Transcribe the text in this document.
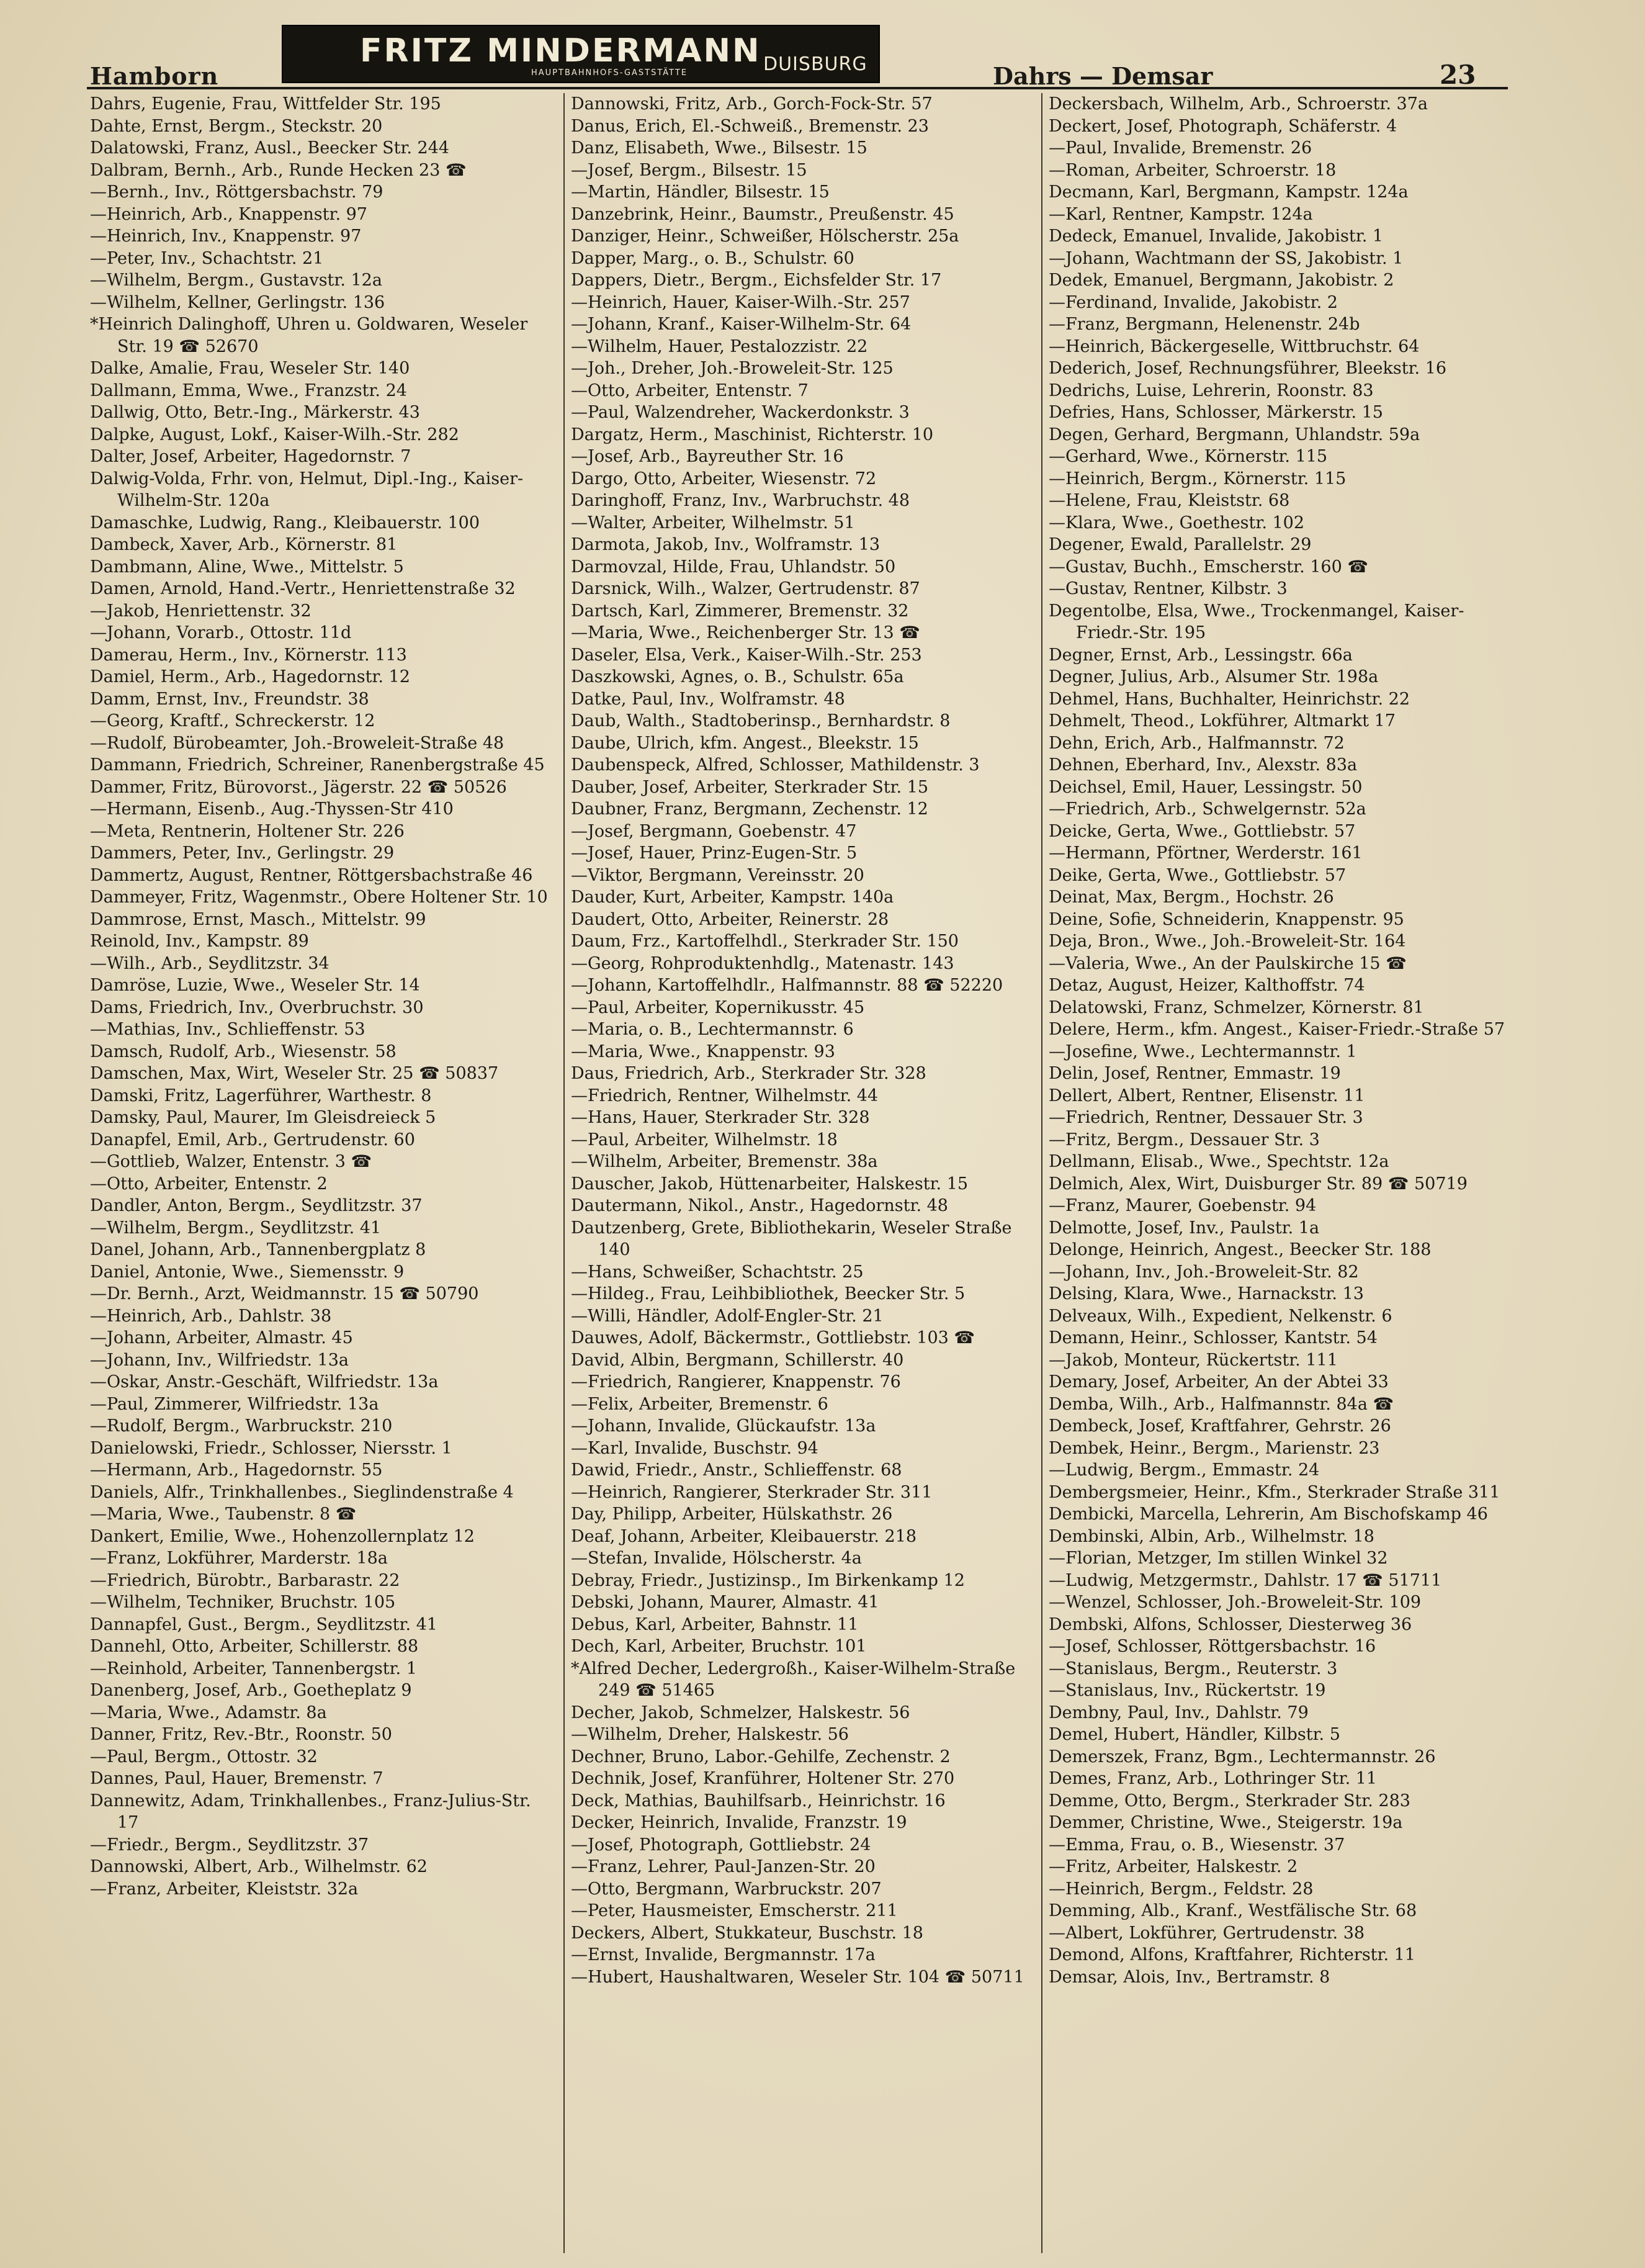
Hamborn
FRITZ MINDERMANN
HAUPTBAHNHOFS-GASTSTÄTTE	DUISBURG	Dahrs — Demsar	23

Dahrs, Eugenie, Frau, Wittfelder Str. 195

Dahte, Ernst, Bergm., Steckstr. 20

Dalatowski, Franz, Ausl., Beecker Str. 244

Dalbram, Bernh., Arb., Runde Hecken 23 ☎

—Bernh., Inv., Röttgersbachstr. 79

—Heinrich, Arb., Knappenstr. 97

—Heinrich, Inv., Knappenstr. 97

—Peter, Inv., Schachtstr. 21

—Wilhelm, Bergm., Gustavstr. 12a

—Wilhelm, Kellner, Gerlingstr. 136

*Heinrich Dalinghoff, Uhren u. Goldwaren, Weseler Str. 19 ☎ 52670

Dalke, Amalie, Frau, Weseler Str. 140

Dallmann, Emma, Wwe., Franzstr. 24

Dallwig, Otto, Betr.-Ing., Märkerstr. 43

Dalpke, August, Lokf., Kaiser-Wilh.-Str. 282

Dalter, Josef, Arbeiter, Hagedornstr. 7

Dalwig-Volda, Frhr. von, Helmut, Dipl.-Ing., Kaiser-Wilhelm-Str. 120a

Damaschke, Ludwig, Rang., Kleibauerstr. 100

Dambeck, Xaver, Arb., Körnerstr. 81

Dambmann, Aline, Wwe., Mittelstr. 5

Damen, Arnold, Hand.-Vertr., Henriettenstraße 32

—Jakob, Henriettenstr. 32

—Johann, Vorarb., Ottostr. 11d

Damerau, Herm., Inv., Körnerstr. 113

Damiel, Herm., Arb., Hagedornstr. 12

Damm, Ernst, Inv., Freundstr. 38

—Georg, Kraftf., Schreckerstr. 12

—Rudolf, Bürobeamter, Joh.-Broweleit-Straße 48

Dammann, Friedrich, Schreiner, Ranenbergstraße 45

Dammer, Fritz, Bürovorst., Jägerstr. 22 ☎ 50526

—Hermann, Eisenb., Aug.-Thyssen-Str 410

—Meta, Rentnerin, Holtener Str. 226

Dammers, Peter, Inv., Gerlingstr. 29

Dammertz, August, Rentner, Röttgersbachstraße 46

Dammeyer, Fritz, Wagenmstr., Obere Holtener Str. 10

Dammrose, Ernst, Masch., Mittelstr. 99

Reinold, Inv., Kampstr. 89

—Wilh., Arb., Seydlitzstr. 34

Damröse, Luzie, Wwe., Weseler Str. 14

Dams, Friedrich, Inv., Overbruchstr. 30

—Mathias, Inv., Schlieffenstr. 53

Damsch, Rudolf, Arb., Wiesenstr. 58

Damschen, Max, Wirt, Weseler Str. 25 ☎ 50837

Damski, Fritz, Lagerführer, Warthestr. 8

Damsky, Paul, Maurer, Im Gleisdreieck 5

Danapfel, Emil, Arb., Gertrudenstr. 60

—Gottlieb, Walzer, Entenstr. 3 ☎

—Otto, Arbeiter, Entenstr. 2

Dandler, Anton, Bergm., Seydlitzstr. 37

—Wilhelm, Bergm., Seydlitzstr. 41

Danel, Johann, Arb., Tannenbergplatz 8

Daniel, Antonie, Wwe., Siemensstr. 9

—Dr. Bernh., Arzt, Weidmannstr. 15 ☎ 50790

—Heinrich, Arb., Dahlstr. 38

—Johann, Arbeiter, Almastr. 45

—Johann, Inv., Wilfriedstr. 13a

—Oskar, Anstr.-Geschäft, Wilfriedstr. 13a

—Paul, Zimmerer, Wilfriedstr. 13a

—Rudolf, Bergm., Warbruckstr. 210

Danielowski, Friedr., Schlosser, Niersstr. 1

—Hermann, Arb., Hagedornstr. 55

Daniels, Alfr., Trinkhallenbes., Sieglindenstraße 4

—Maria, Wwe., Taubenstr. 8 ☎

Dankert, Emilie, Wwe., Hohenzollernplatz 12

—Franz, Lokführer, Marderstr. 18a

—Friedrich, Bürobtr., Barbarastr. 22

—Wilhelm, Techniker, Bruchstr. 105

Dannapfel, Gust., Bergm., Seydlitzstr. 41

Dannehl, Otto, Arbeiter, Schillerstr. 88

—Reinhold, Arbeiter, Tannenbergstr. 1

Danenberg, Josef, Arb., Goetheplatz 9

—Maria, Wwe., Adamstr. 8a

Danner, Fritz, Rev.-Btr., Roonstr. 50

—Paul, Bergm., Ottostr. 32

Dannes, Paul, Hauer, Bremenstr. 7

Dannewitz, Adam, Trinkhallenbes., Franz-Julius-Str. 17

—Friedr., Bergm., Seydlitzstr. 37

Dannowski, Albert, Arb., Wilhelmstr. 62

—Franz, Arbeiter, Kleiststr. 32a

Dannowski, Fritz, Arb., Gorch-Fock-Str. 57

Danus, Erich, El.-Schweiß., Bremenstr. 23

Danz, Elisabeth, Wwe., Bilsestr. 15

—Josef, Bergm., Bilsestr. 15

—Martin, Händler, Bilsestr. 15

Danzebrink, Heinr., Baumstr., Preußenstr. 45

Danziger, Heinr., Schweißer, Hölscherstr. 25a

Dapper, Marg., o. B., Schulstr. 60

Dappers, Dietr., Bergm., Eichsfelder Str. 17

—Heinrich, Hauer, Kaiser-Wilh.-Str. 257

—Johann, Kranf., Kaiser-Wilhelm-Str. 64

—Wilhelm, Hauer, Pestalozzistr. 22

—Joh., Dreher, Joh.-Broweleit-Str. 125

—Otto, Arbeiter, Entenstr. 7

—Paul, Walzendreher, Wackerdonkstr. 3

Dargatz, Herm., Maschinist, Richterstr. 10

—Josef, Arb., Bayreuther Str. 16

Dargo, Otto, Arbeiter, Wiesenstr. 72

Daringhoff, Franz, Inv., Warbruchstr. 48

—Walter, Arbeiter, Wilhelmstr. 51

Darmota, Jakob, Inv., Wolframstr. 13

Darmovzal, Hilde, Frau, Uhlandstr. 50

Darsnick, Wilh., Walzer, Gertrudenstr. 87

Dartsch, Karl, Zimmerer, Bremenstr. 32

—Maria, Wwe., Reichenberger Str. 13 ☎

Daseler, Elsa, Verk., Kaiser-Wilh.-Str. 253

Daszkowski, Agnes, o. B., Schulstr. 65a

Datke, Paul, Inv., Wolframstr. 48

Daub, Walth., Stadtoberinsp., Bernhardstr. 8

Daube, Ulrich, kfm. Angest., Bleekstr. 15

Daubenspeck, Alfred, Schlosser, Mathildenstr. 3

Dauber, Josef, Arbeiter, Sterkrader Str. 15

Daubner, Franz, Bergmann, Zechenstr. 12

—Josef, Bergmann, Goebenstr. 47

—Josef, Hauer, Prinz-Eugen-Str. 5

—Viktor, Bergmann, Vereinsstr. 20

Dauder, Kurt, Arbeiter, Kampstr. 140a

Daudert, Otto, Arbeiter, Reinerstr. 28

Daum, Frz., Kartoffelhdl., Sterkrader Str. 150

—Georg, Rohproduktenhdlg., Matenastr. 143

—Johann, Kartoffelhdlr., Halfmannstr. 88 ☎ 52220

—Paul, Arbeiter, Kopernikusstr. 45

—Maria, o. B., Lechtermannstr. 6

—Maria, Wwe., Knappenstr. 93

Daus, Friedrich, Arb., Sterkrader Str. 328

—Friedrich, Rentner, Wilhelmstr. 44

—Hans, Hauer, Sterkrader Str. 328

—Paul, Arbeiter, Wilhelmstr. 18

—Wilhelm, Arbeiter, Bremenstr. 38a

Dauscher, Jakob, Hüttenarbeiter, Halskestr. 15

Dautermann, Nikol., Anstr., Hagedornstr. 48

Dautzenberg, Grete, Bibliothekarin, Weseler Straße 140

—Hans, Schweißer, Schachtstr. 25

—Hildeg., Frau, Leihbibliothek, Beecker Str. 5

—Willi, Händler, Adolf-Engler-Str. 21

Dauwes, Adolf, Bäckermstr., Gottliebstr. 103 ☎

David, Albin, Bergmann, Schillerstr. 40

—Friedrich, Rangierer, Knappenstr. 76

—Felix, Arbeiter, Bremenstr. 6

—Johann, Invalide, Glückaufstr. 13a

—Karl, Invalide, Buschstr. 94

Dawid, Friedr., Anstr., Schlieffenstr. 68

—Heinrich, Rangierer, Sterkrader Str. 311

Day, Philipp, Arbeiter, Hülskathstr. 26

Deaf, Johann, Arbeiter, Kleibauerstr. 218

—Stefan, Invalide, Hölscherstr. 4a

Debray, Friedr., Justizinsp., Im Birkenkamp 12

Debski, Johann, Maurer, Almastr. 41

Debus, Karl, Arbeiter, Bahnstr. 11

Dech, Karl, Arbeiter, Bruchstr. 101

*Alfred Decher, Ledergroßh., Kaiser-Wilhelm-Straße 249 ☎ 51465

Decher, Jakob, Schmelzer, Halskestr. 56

—Wilhelm, Dreher, Halskestr. 56

Dechner, Bruno, Labor.-Gehilfe, Zechenstr. 2

Dechnik, Josef, Kranführer, Holtener Str. 270

Deck, Mathias, Bauhilfsarb., Heinrichstr. 16

Decker, Heinrich, Invalide, Franzstr. 19

—Josef, Photograph, Gottliebstr. 24

—Franz, Lehrer, Paul-Janzen-Str. 20

—Otto, Bergmann, Warbruckstr. 207

—Peter, Hausmeister, Emscherstr. 211

Deckers, Albert, Stukkateur, Buschstr. 18

—Ernst, Invalide, Bergmannstr. 17a

—Hubert, Haushaltwaren, Weseler Str. 104 ☎ 50711

Deckersbach, Wilhelm, Arb., Schroerstr. 37a

Deckert, Josef, Photograph, Schäferstr. 4

—Paul, Invalide, Bremenstr. 26

—Roman, Arbeiter, Schroerstr. 18

Decmann, Karl, Bergmann, Kampstr. 124a

—Karl, Rentner, Kampstr. 124a

Dedeck, Emanuel, Invalide, Jakobistr. 1

—Johann, Wachtmann der SS, Jakobistr. 1

Dedek, Emanuel, Bergmann, Jakobistr. 2

—Ferdinand, Invalide, Jakobistr. 2

—Franz, Bergmann, Helenenstr. 24b

—Heinrich, Bäckergeselle, Wittbruchstr. 64

Dederich, Josef, Rechnungsführer, Bleekstr. 16

Dedrichs, Luise, Lehrerin, Roonstr. 83

Defries, Hans, Schlosser, Märkerstr. 15

Degen, Gerhard, Bergmann, Uhlandstr. 59a

—Gerhard, Wwe., Körnerstr. 115

—Heinrich, Bergm., Körnerstr. 115

—Helene, Frau, Kleiststr. 68

—Klara, Wwe., Goethestr. 102

Degener, Ewald, Parallelstr. 29

—Gustav, Buchh., Emscherstr. 160 ☎

—Gustav, Rentner, Kilbstr. 3

Degentolbe, Elsa, Wwe., Trockenmangel, Kaiser-Friedr.-Str. 195

Degner, Ernst, Arb., Lessingstr. 66a

Degner, Julius, Arb., Alsumer Str. 198a

Dehmel, Hans, Buchhalter, Heinrichstr. 22

Dehmelt, Theod., Lokführer, Altmarkt 17

Dehn, Erich, Arb., Halfmannstr. 72

Dehnen, Eberhard, Inv., Alexstr. 83a

Deichsel, Emil, Hauer, Lessingstr. 50

—Friedrich, Arb., Schwelgernstr. 52a

Deicke, Gerta, Wwe., Gottliebstr. 57

—Hermann, Pförtner, Werderstr. 161

Deike, Gerta, Wwe., Gottliebstr. 57

Deinat, Max, Bergm., Hochstr. 26

Deine, Sofie, Schneiderin, Knappenstr. 95

Deja, Bron., Wwe., Joh.-Broweleit-Str. 164

—Valeria, Wwe., An der Paulskirche 15 ☎

Detaz, August, Heizer, Kalthoffstr. 74

Delatowski, Franz, Schmelzer, Körnerstr. 81

Delere, Herm., kfm. Angest., Kaiser-Friedr.-Straße 57

—Josefine, Wwe., Lechtermannstr. 1

Delin, Josef, Rentner, Emmastr. 19

Dellert, Albert, Rentner, Elisenstr. 11

—Friedrich, Rentner, Dessauer Str. 3

—Fritz, Bergm., Dessauer Str. 3

Dellmann, Elisab., Wwe., Spechtstr. 12a

Delmich, Alex, Wirt, Duisburger Str. 89 ☎ 50719

—Franz, Maurer, Goebenstr. 94

Delmotte, Josef, Inv., Paulstr. 1a

Delonge, Heinrich, Angest., Beecker Str. 188

—Johann, Inv., Joh.-Broweleit-Str. 82

Delsing, Klara, Wwe., Harnackstr. 13

Delveaux, Wilh., Expedient, Nelkenstr. 6

Demann, Heinr., Schlosser, Kantstr. 54

—Jakob, Monteur, Rückertstr. 111

Demary, Josef, Arbeiter, An der Abtei 33

Demba, Wilh., Arb., Halfmannstr. 84a ☎

Dembeck, Josef, Kraftfahrer, Gehrstr. 26

Dembek, Heinr., Bergm., Marienstr. 23

—Ludwig, Bergm., Emmastr. 24

Dembergsmeier, Heinr., Kfm., Sterkrader Straße 311

Dembicki, Marcella, Lehrerin, Am Bischofskamp 46

Dembinski, Albin, Arb., Wilhelmstr. 18

—Florian, Metzger, Im stillen Winkel 32

—Ludwig, Metzgermstr., Dahlstr. 17 ☎ 51711

—Wenzel, Schlosser, Joh.-Broweleit-Str. 109

Dembski, Alfons, Schlosser, Diesterweg 36

—Josef, Schlosser, Röttgersbachstr. 16

—Stanislaus, Bergm., Reuterstr. 3

—Stanislaus, Inv., Rückertstr. 19

Dembny, Paul, Inv., Dahlstr. 79

Demel, Hubert, Händler, Kilbstr. 5

Demerszek, Franz, Bgm., Lechtermannstr. 26

Demes, Franz, Arb., Lothringer Str. 11

Demme, Otto, Bergm., Sterkrader Str. 283

Demmer, Christine, Wwe., Steigerstr. 19a

—Emma, Frau, o. B., Wiesenstr. 37

—Fritz, Arbeiter, Halskestr. 2

—Heinrich, Bergm., Feldstr. 28

Demming, Alb., Kranf., Westfälische Str. 68

—Albert, Lokführer, Gertrudenstr. 38

Demond, Alfons, Kraftfahrer, Richterstr. 11

Demsar, Alois, Inv., Bertramstr. 8
